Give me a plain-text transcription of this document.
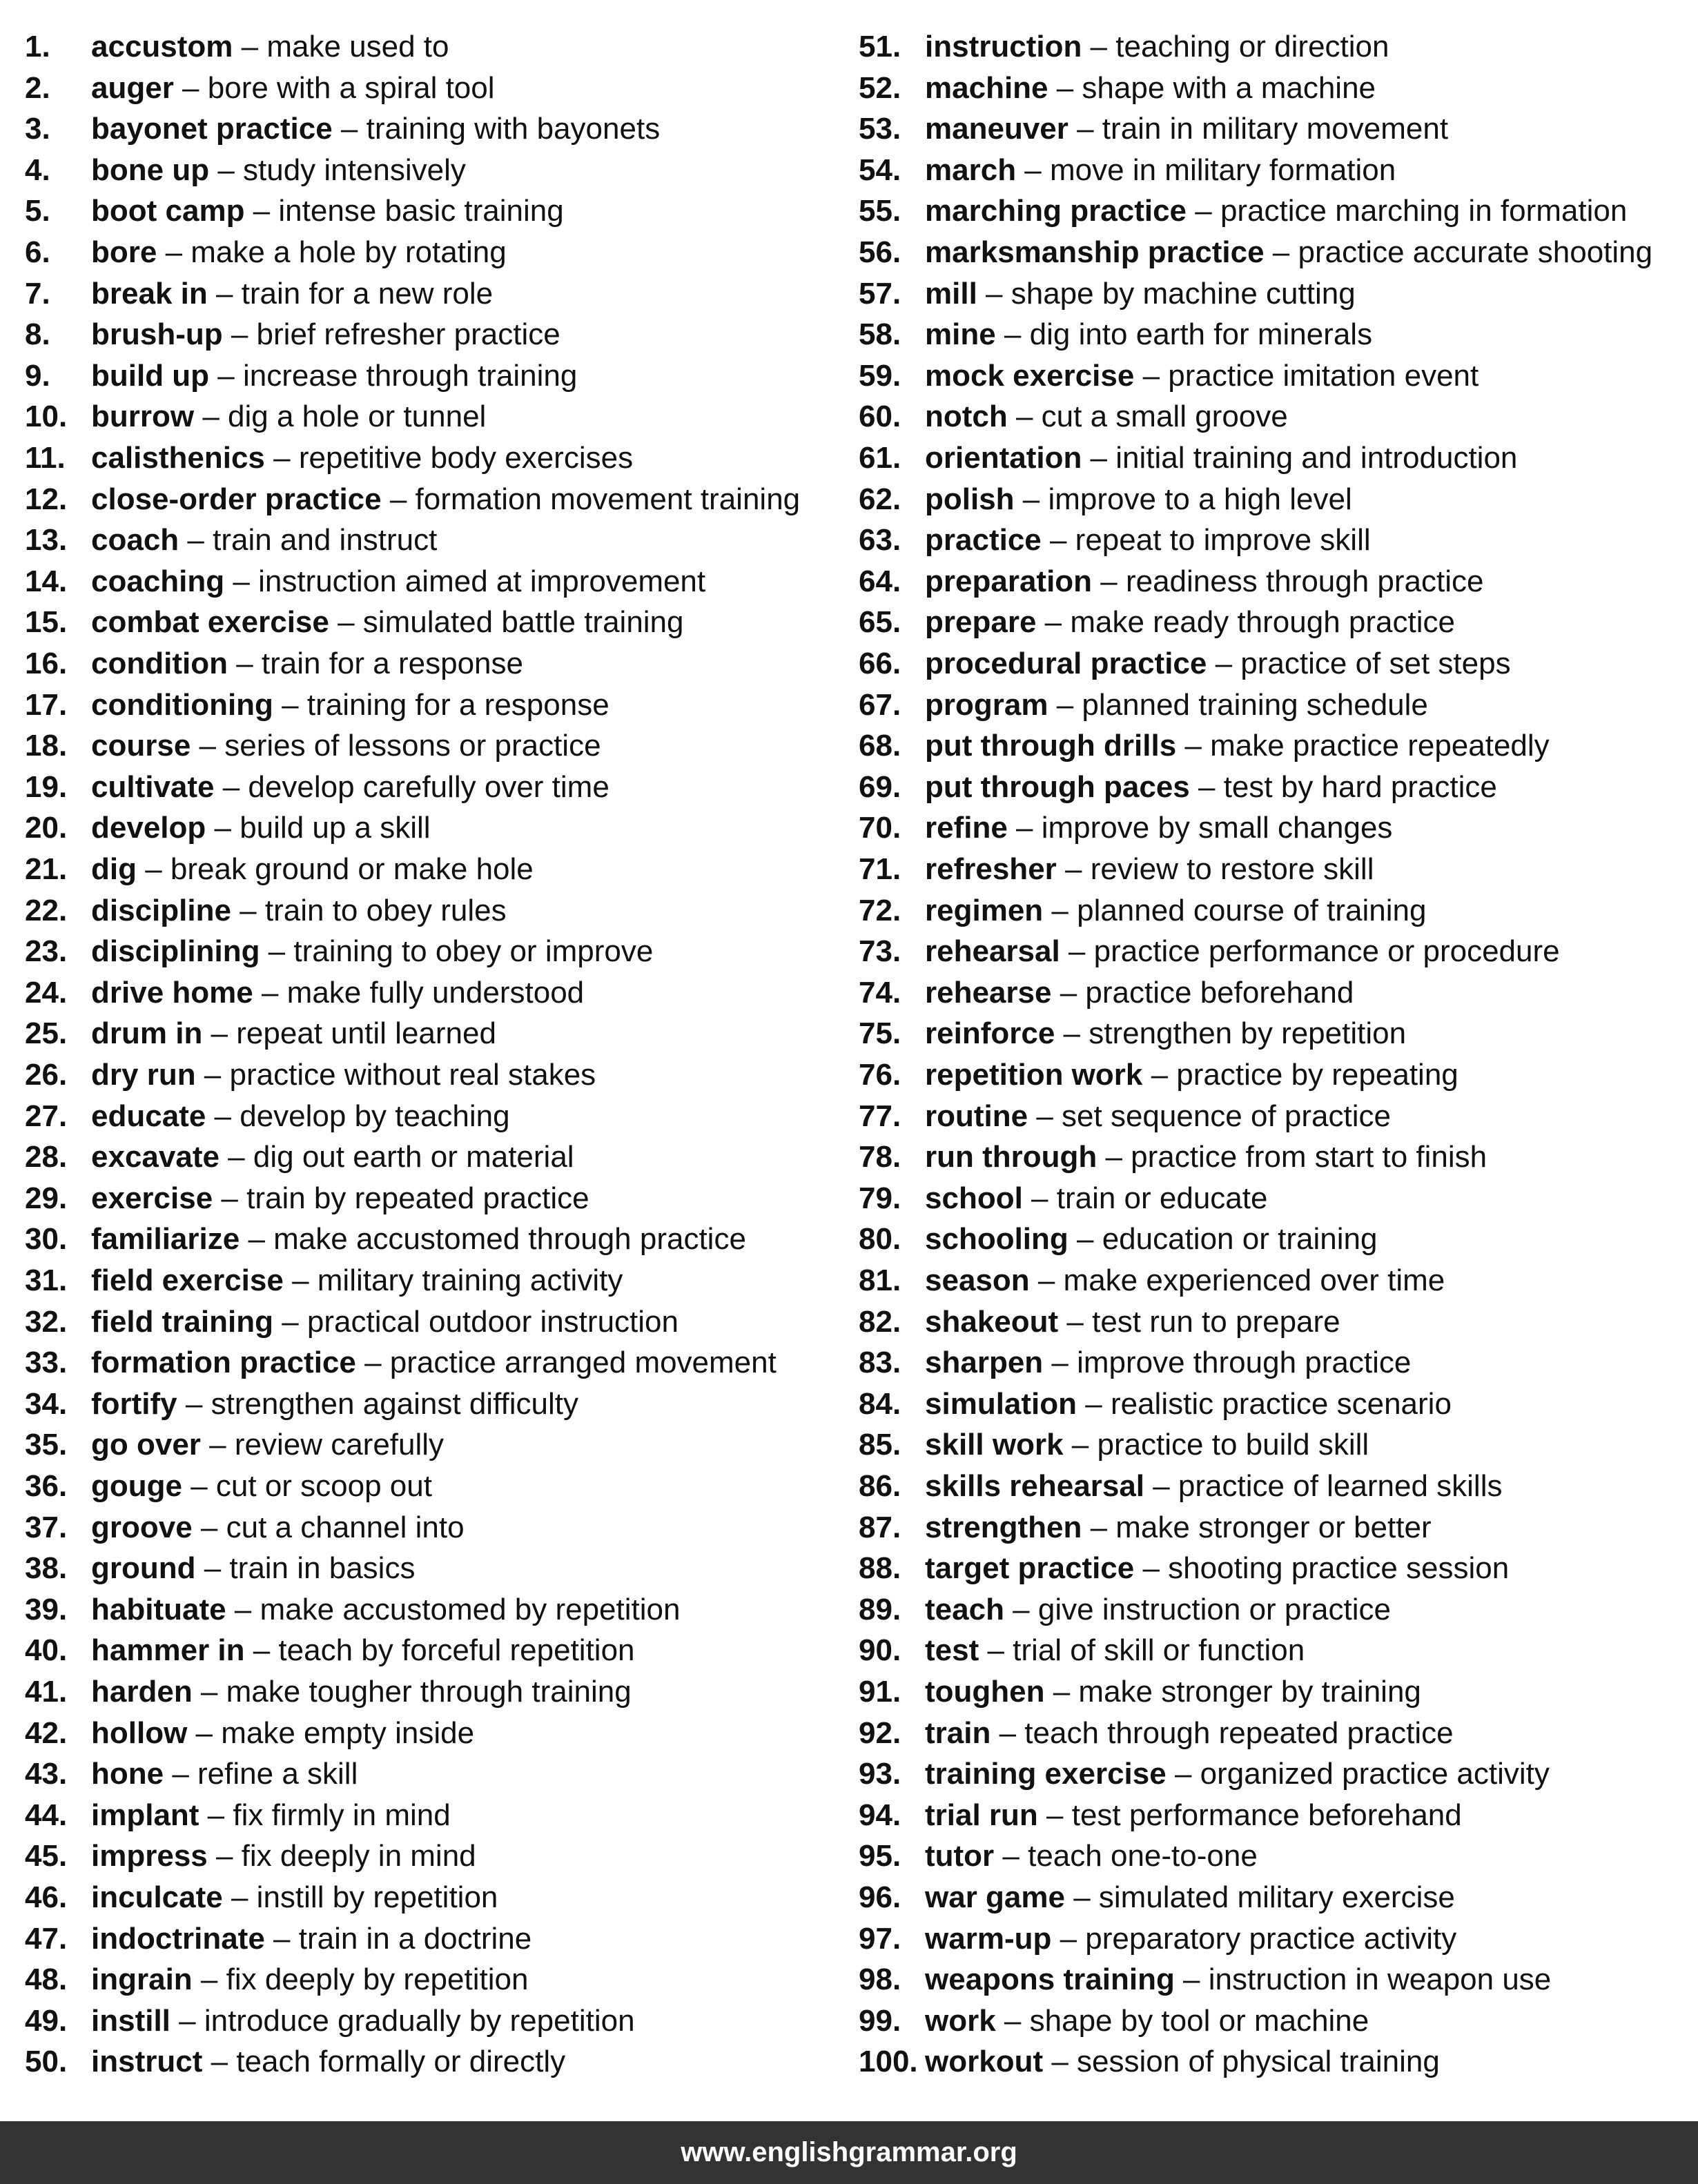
1. accustom – make used to
2. auger – bore with a spiral tool
3. bayonet practice – training with bayonets
4. bone up – study intensively
5. boot camp – intense basic training
6. bore – make a hole by rotating
7. break in – train for a new role
8. brush-up – brief refresher practice
9. build up – increase through training
10. burrow – dig a hole or tunnel
11. calisthenics – repetitive body exercises
12. close-order practice – formation movement training
13. coach – train and instruct
14. coaching – instruction aimed at improvement
15. combat exercise – simulated battle training
16. condition – train for a response
17. conditioning – training for a response
18. course – series of lessons or practice
19. cultivate – develop carefully over time
20. develop – build up a skill
21. dig – break ground or make hole
22. discipline – train to obey rules
23. disciplining – training to obey or improve
24. drive home – make fully understood
25. drum in – repeat until learned
26. dry run – practice without real stakes
27. educate – develop by teaching
28. excavate – dig out earth or material
29. exercise – train by repeated practice
30. familiarize – make accustomed through practice
31. field exercise – military training activity
32. field training – practical outdoor instruction
33. formation practice – practice arranged movement
34. fortify – strengthen against difficulty
35. go over – review carefully
36. gouge – cut or scoop out
37. groove – cut a channel into
38. ground – train in basics
39. habituate – make accustomed by repetition
40. hammer in – teach by forceful repetition
41. harden – make tougher through training
42. hollow – make empty inside
43. hone – refine a skill
44. implant – fix firmly in mind
45. impress – fix deeply in mind
46. inculcate – instill by repetition
47. indoctrinate – train in a doctrine
48. ingrain – fix deeply by repetition
49. instill – introduce gradually by repetition
50. instruct – teach formally or directly
51. instruction – teaching or direction
52. machine – shape with a machine
53. maneuver – train in military movement
54. march – move in military formation
55. marching practice – practice marching in formation
56. marksmanship practice – practice accurate shooting
57. mill – shape by machine cutting
58. mine – dig into earth for minerals
59. mock exercise – practice imitation event
60. notch – cut a small groove
61. orientation – initial training and introduction
62. polish – improve to a high level
63. practice – repeat to improve skill
64. preparation – readiness through practice
65. prepare – make ready through practice
66. procedural practice – practice of set steps
67. program – planned training schedule
68. put through drills – make practice repeatedly
69. put through paces – test by hard practice
70. refine – improve by small changes
71. refresher – review to restore skill
72. regimen – planned course of training
73. rehearsal – practice performance or procedure
74. rehearse – practice beforehand
75. reinforce – strengthen by repetition
76. repetition work – practice by repeating
77. routine – set sequence of practice
78. run through – practice from start to finish
79. school – train or educate
80. schooling – education or training
81. season – make experienced over time
82. shakeout – test run to prepare
83. sharpen – improve through practice
84. simulation – realistic practice scenario
85. skill work – practice to build skill
86. skills rehearsal – practice of learned skills
87. strengthen – make stronger or better
88. target practice – shooting practice session
89. teach – give instruction or practice
90. test – trial of skill or function
91. toughen – make stronger by training
92. train – teach through repeated practice
93. training exercise – organized practice activity
94. trial run – test performance beforehand
95. tutor – teach one-to-one
96. war game – simulated military exercise
97. warm-up – preparatory practice activity
98. weapons training – instruction in weapon use
99. work – shape by tool or machine
100. workout – session of physical training
www.englishgrammar.org
